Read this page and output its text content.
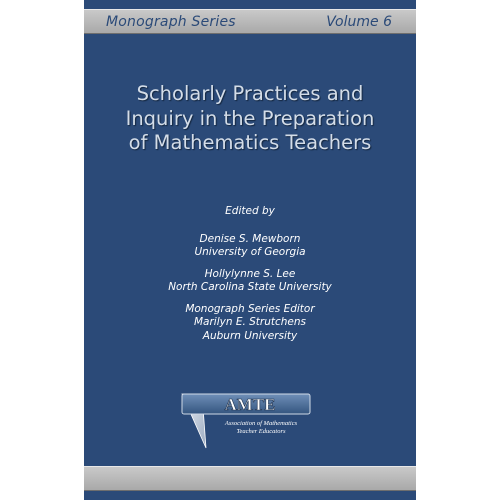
Monograph Series	Volume 6
Scholarly Practices and
Inquiry in the Preparation
of Mathematics Teachers
Edited by
Denise S. Mewborn
University of Georgia
Hollylynne S. Lee
North Carolina State University
Monograph Series Editor
Marilyn E. Strutchens
Auburn University
AMTE
Association of Mathematics
Teacher Educators
